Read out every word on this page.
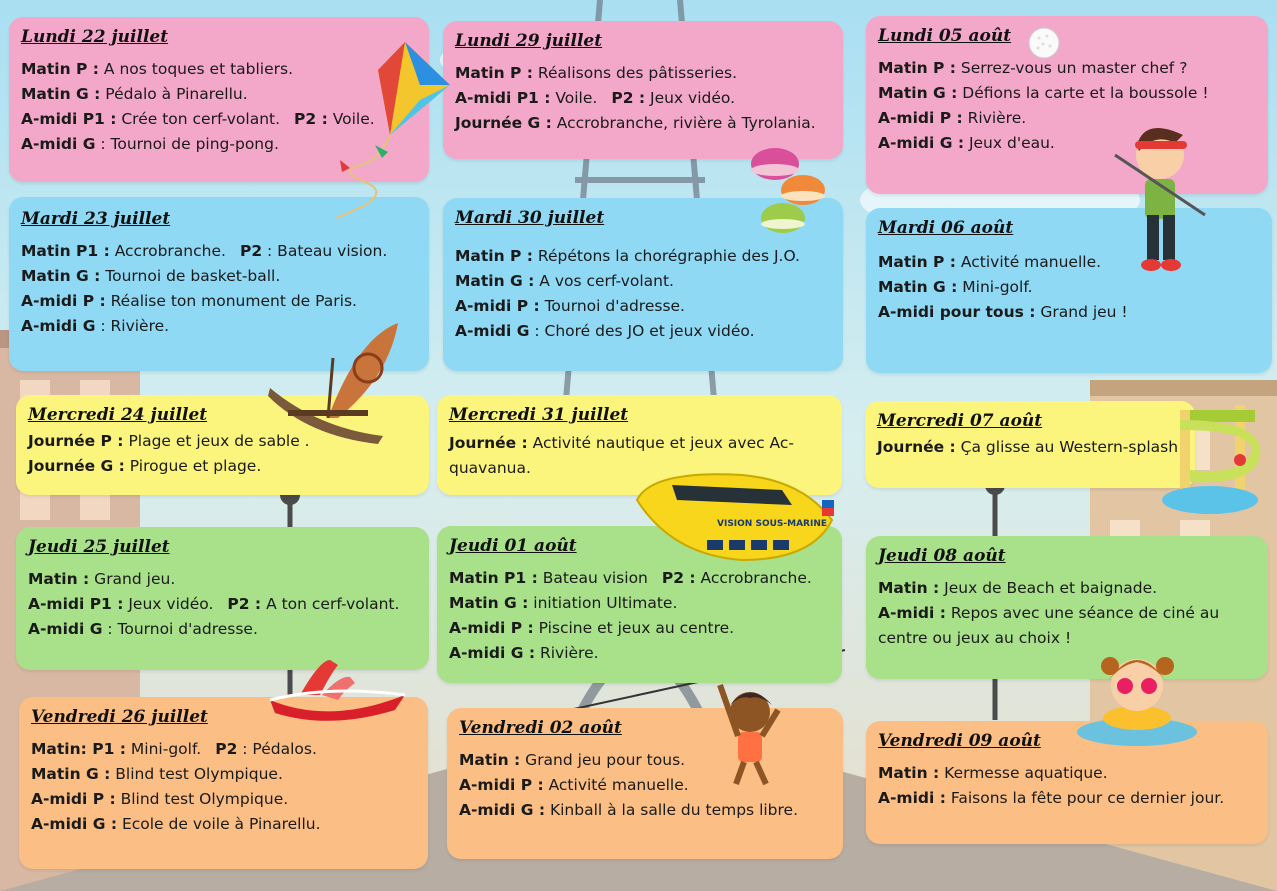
Lundi 22 juillet
Matin P : A nos toques et tabliers.
Matin G : Pédalo à Pinarellu.
A-midi P1 : Crée ton cerf-volant. P2 : Voile.
A-midi G : Tournoi de ping-pong.
Mardi 23 juillet
Matin P1 : Accrobranche. P2 : Bateau vision.
Matin G : Tournoi de basket-ball.
A-midi P : Réalise ton monument de Paris.
A-midi G : Rivière.
Mercredi 24 juillet
Journée P : Plage et jeux de sable .
Journée G : Pirogue et plage.
Jeudi 25 juillet
Matin : Grand jeu.
A-midi P1 : Jeux vidéo. P2 : A ton cerf-volant.
A-midi G : Tournoi d'adresse.
Vendredi 26 juillet
Matin: P1 : Mini-golf. P2 : Pédalos.
Matin G : Blind test Olympique.
A-midi P : Blind test Olympique.
A-midi G : Ecole de voile à Pinarellu.
Lundi 29 juillet
Matin P : Réalisons des pâtisseries.
A-midi P1 : Voile. P2 : Jeux vidéo.
Journée G : Accrobranche, rivière à Tyrolania.
Mardi 30 juillet
Matin P : Répétons la chorégraphie des J.O.
Matin G : A vos cerf-volant.
A-midi P : Tournoi d'adresse.
A-midi G : Choré des JO et jeux vidéo.
Mercredi 31 juillet
Journée : Activité nautique et jeux avec Ac-quavanua.
Jeudi 01 août
Matin P1 : Bateau vision P2 : Accrobranche.
Matin G : initiation Ultimate.
A-midi P : Piscine et jeux au centre.
A-midi G : Rivière.
Vendredi 02 août
Matin : Grand jeu pour tous.
A-midi P : Activité manuelle.
A-midi G : Kinball à la salle du temps libre.
Lundi 05 août
Matin P : Serrez-vous un master chef ?
Matin G : Défions la carte et la boussole !
A-midi P : Rivière.
A-midi G : Jeux d'eau.
Mardi 06 août
Matin P : Activité manuelle.
Matin G : Mini-golf.
A-midi pour tous : Grand jeu !
Mercredi 07 août
Journée : Ça glisse au Western-splash
Jeudi 08 août
Matin : Jeux de Beach et baignade.
A-midi : Repos avec une séance de ciné au centre ou jeux au choix !
Vendredi 09 août
Matin : Kermesse aquatique.
A-midi : Faisons la fête pour ce dernier jour.
VISION SOUS-MARINE
